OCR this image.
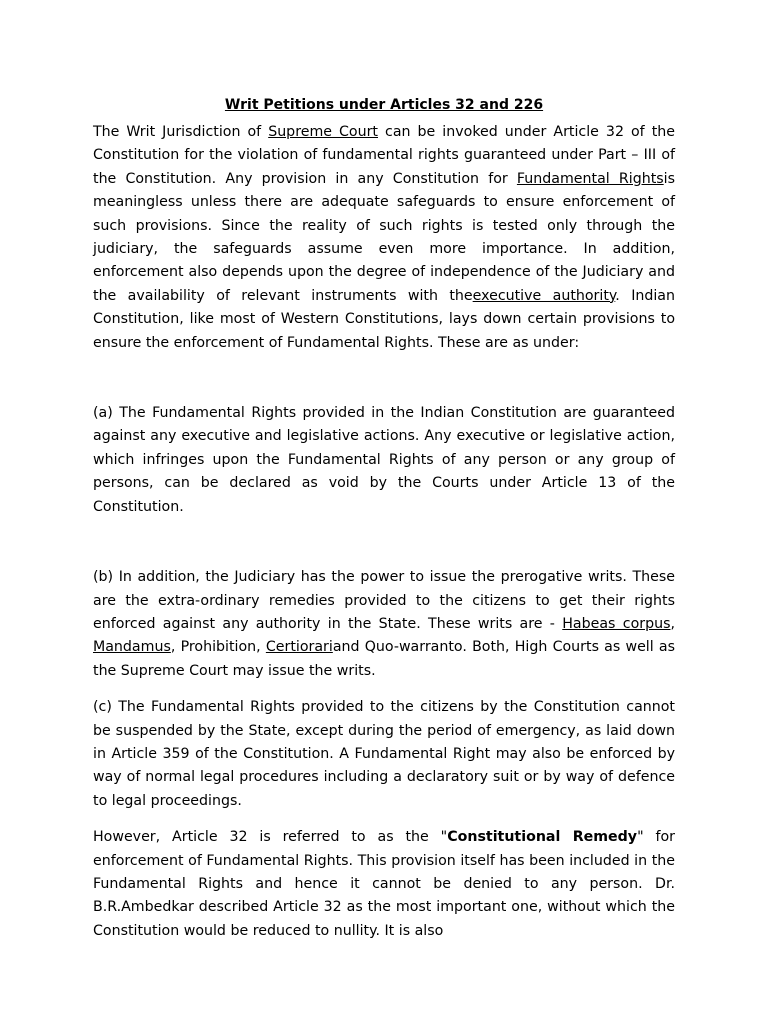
Writ Petitions under Articles 32 and 226

The Writ Jurisdiction of Supreme Court can be invoked under Article 32 of the Constitution for the violation of fundamental rights guaranteed under Part – III of the Constitution. Any provision in any Constitution for Fundamental Rightsis meaningless unless there are adequate safeguards to ensure enforcement of such provisions. Since the reality of such rights is tested only through the judiciary, the safeguards assume even more importance. In addition, enforcement also depends upon the degree of independence of the Judiciary and the availability of relevant instruments with theexecutive authority. Indian Constitution, like most of Western Constitutions, lays down certain provisions to ensure the enforcement of Fundamental Rights. These are as under:

(a) The Fundamental Rights provided in the Indian Constitution are guaranteed against any executive and legislative actions. Any executive or legislative action, which infringes upon the Fundamental Rights of any person or any group of persons, can be declared as void by the Courts under Article 13 of the Constitution.

(b) In addition, the Judiciary has the power to issue the prerogative writs. These are the extra-ordinary remedies provided to the citizens to get their rights enforced against any authority in the State. These writs are - Habeas corpus, Mandamus, Prohibition, Certiorariand Quo-warranto. Both, High Courts as well as the Supreme Court may issue the writs.

(c) The Fundamental Rights provided to the citizens by the Constitution cannot be suspended by the State, except during the period of emergency, as laid down in Article 359 of the Constitution. A Fundamental Right may also be enforced by way of normal legal procedures including a declaratory suit or by way of defence to legal proceedings.

However, Article 32 is referred to as the "Constitutional Remedy" for enforcement of Fundamental Rights. This provision itself has been included in the Fundamental Rights and hence it cannot be denied to any person. Dr. B.R.Ambedkar described Article 32 as the most important one, without which the Constitution would be reduced to nullity. It is also
